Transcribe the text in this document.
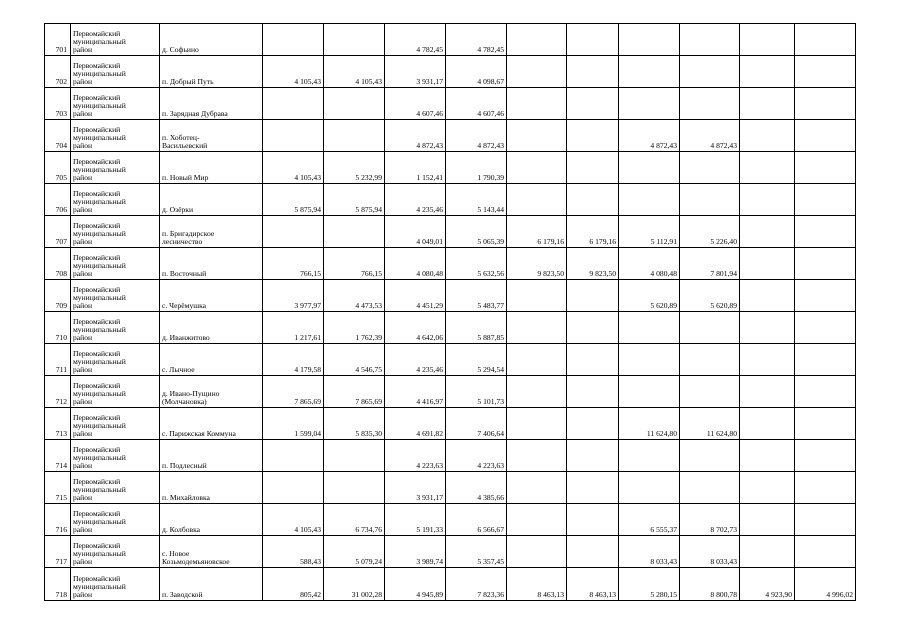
701	Первомайский
муниципальный
район	д. Софьино			4 782,45	4 782,45						
702	Первомайский
муниципальный
район	п. Добрый Путь	4 105,43	4 105,43	3 931,17	4 098,67						
703	Первомайский
муниципальный
район	п. Зарядная Дубрава			4 607,46	4 607,46						
704	Первомайский
муниципальный
район	п. Хоботец-
Васильевский			4 872,43	4 872,43			4 872,43	4 872,43		
705	Первомайский
муниципальный
район	п. Новый Мир	4 105,43	5 232,99	1 152,41	1 790,39						
706	Первомайский
муниципальный
район	д. Озёрки	5 875,94	5 875,94	4 235,46	5 143,44						
707	Первомайский
муниципальный
район	п. Бригадирское
лесничество			4 049,01	5 065,39	6 179,16	6 179,16	5 112,91	5 226,40		
708	Первомайский
муниципальный
район	п. Восточный	766,15	766,15	4 080,48	5 632,56	9 823,50	9 823,50	4 080,48	7 801,94		
709	Первомайский
муниципальный
район	с. Черёмушка	3 977,97	4 473,53	4 451,29	5 483,77			5 620,89	5 620,89		
710	Первомайский
муниципальный
район	д. Иванжитово	1 217,61	1 762,39	4 642,06	5 887,85						
711	Первомайский
муниципальный
район	с. Лычное	4 179,58	4 546,75	4 235,46	5 294,54						
712	Первомайский
муниципальный
район	д. Ивано-Пущино
(Молчановка)	7 865,69	7 865,69	4 416,97	5 101,73						
713	Первомайский
муниципальный
район	с. Парижская Коммуна	1 599,04	5 835,30	4 691,82	7 406,64			11 624,80	11 624,80		
714	Первомайский
муниципальный
район	п. Подлесный			4 223,63	4 223,63						
715	Первомайский
муниципальный
район	п. Михайловка			3 931,17	4 385,66						
716	Первомайский
муниципальный
район	д. Колбовка	4 105,43	6 734,76	5 191,33	6 566,67			6 555,37	8 702,73		
717	Первомайский
муниципальный
район	с. Новое
Козьмодемьяновское	588,43	5 079,24	3 989,74	5 357,45			8 033,43	8 033,43		
718	Первомайский
муниципальный
район	п. Заводской	805,42	31 002,28	4 945,89	7 823,36	8 463,13	8 463,13	5 280,15	8 800,78	4 923,90	4 996,02
